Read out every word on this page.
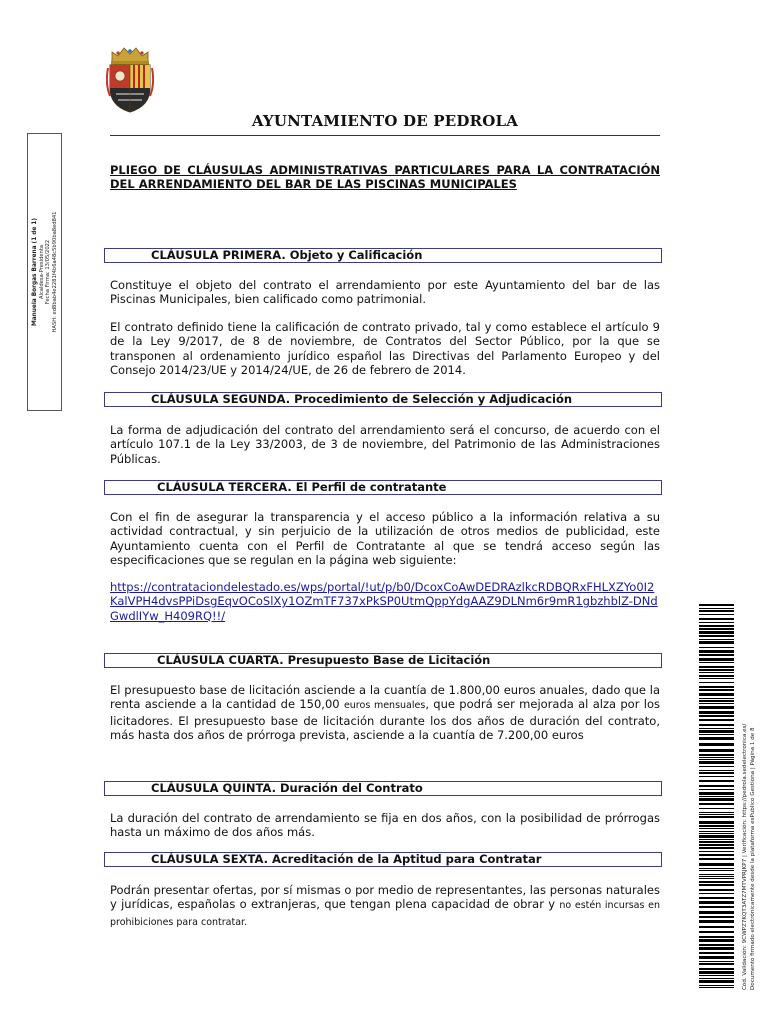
AYUNTAMIENTO DE PEDROLA
PLIEGO DE CLÁUSULAS ADMINISTRATIVAS PARTICULARES PARA LA CONTRATACIÓN DEL ARRENDAMIENTO DEL BAR DE LAS PISCINAS MUNICIPALES
CLÁUSULA PRIMERA. Objeto y Calificación

Constituye el objeto del contrato el arrendamiento por este Ayuntamiento del bar de las Piscinas Municipales, bien calificado como patrimonial.

El contrato definido tiene la calificación de contrato privado, tal y como establece el artículo 9 de la Ley 9/2017, de 8 de noviembre, de Contratos del Sector Público, por la que se transponen al ordenamiento jurídico español las Directivas del Parlamento Europeo y del Consejo 2014/23/UE y 2014/24/UE, de 26 de febrero de 2014.

CLÁUSULA SEGUNDA. Procedimiento de Selección y Adjudicación

La forma de adjudicación del contrato del arrendamiento será el concurso, de acuerdo con el artículo 107.1 de la Ley 33/2003, de 3 de noviembre, del Patrimonio de las Administraciones Públicas.

CLÁUSULA TERCERA. El Perfil de contratante

Con el fin de asegurar la transparencia y el acceso público a la información relativa a su actividad contractual, y sin perjuicio de la utilización de otros medios de publicidad, este Ayuntamiento cuenta con el Perfil de Contratante al que se tendrá acceso según las especificaciones que se regulan en la página web siguiente:

https://contrataciondelestado.es/wps/portal/!ut/p/b0/DcoxCoAwDEDRAzlkcRDBQRxFHLXZYo0I2KalVPH4dvsPPiDsgEqvOCoSlXy1OZmTF737xPkSP0UtmQppYdgAAZ9DLNm6r9mR1gbzhblZ-DNdGwdlIYw_H409RQ!!/

CLÁUSULA CUARTA. Presupuesto Base de Licitación

El presupuesto base de licitación asciende a la cuantía de 1.800,00 euros anuales, dado que la renta asciende a la cantidad de 150,00 euros mensuales, que podrá ser mejorada al alza por los licitadores. El presupuesto base de licitación durante los dos años de duración del contrato, más hasta dos años de prórroga prevista, asciende a la cuantía de 7.200,00 euros

CLÁUSULA QUINTA. Duración del Contrato

La duración del contrato de arrendamiento se fija en dos años, con la posibilidad de prórrogas hasta un máximo de dos años más.

CLÁUSULA SEXTA. Acreditación de la Aptitud para Contratar

Podrán presentar ofertas, por sí mismas o por medio de representantes, las personas naturales y jurídicas, españolas o extranjeras, que tengan plena capacidad de obrar y no estén incursas en prohibiciones para contratar.

Manuela Borgas Barrena (1 de 1)
Alcaldesa-Presidenta
Fecha Firma: 13/05/2022
HASH: ed8bab4e2281f4b6a48c5b90ba8ed841
Cód. Validación: 9CWPZ7KQT3ATZ7MTVPRJKP7 | Verificación: https://pedrola.sedelectronica.es/ Documento firmado electrónicamente desde la plataforma esPublico Gestiona | Página 1 de 8
